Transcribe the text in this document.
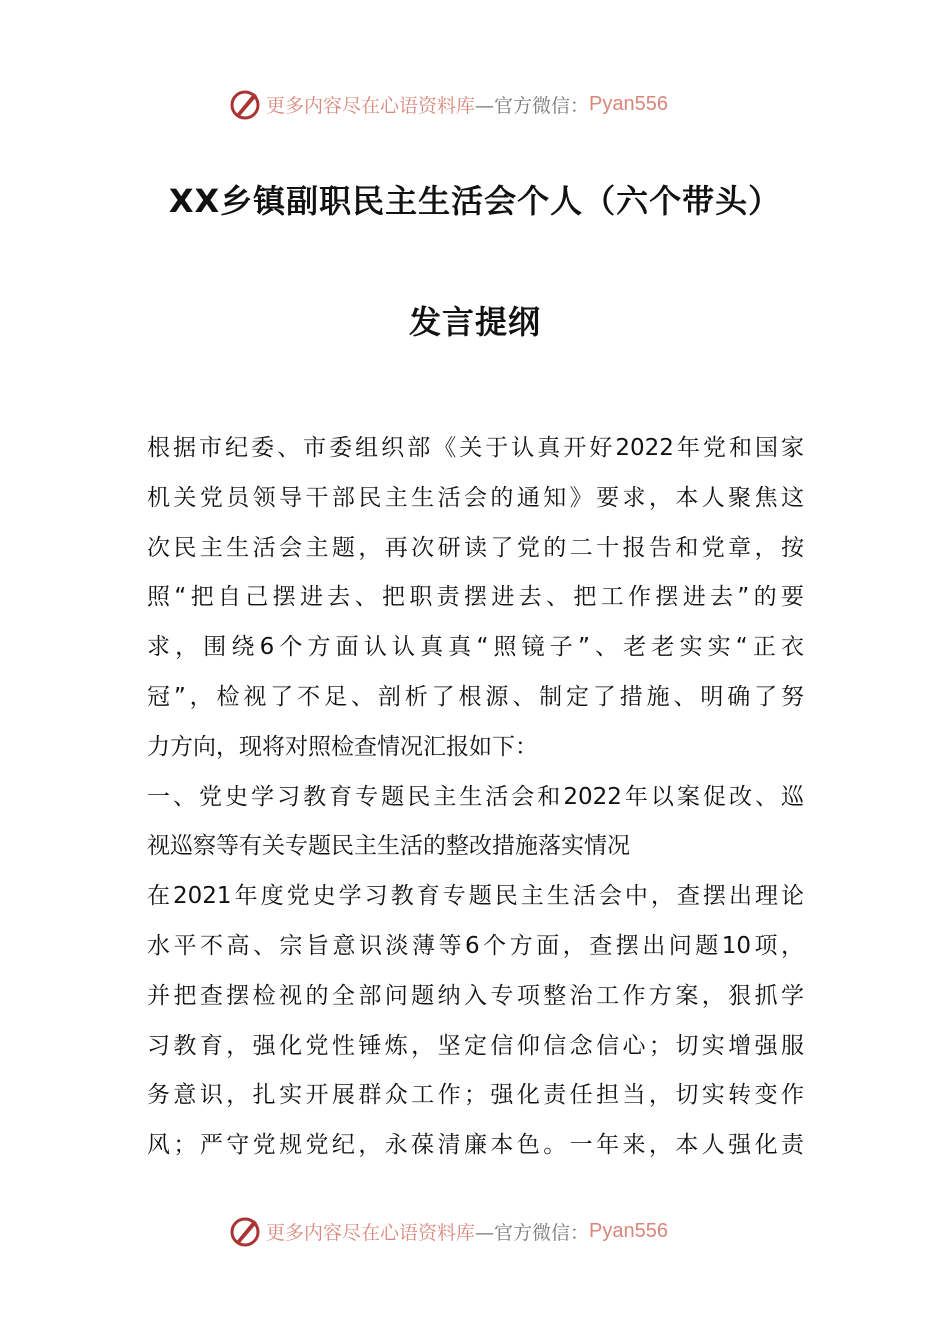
更多内容尽在心语资料库 —官方微信： Pyan556
XX乡镇副职民主生活会个人（六个带头）
发言提纲
根据市纪委、市委组织部《关于认真开好2022年党和国家
机关党员领导干部民主生活会的通知》要求，本人聚焦这
次民主生活会主题，再次研读了党的二十报告和党章，按
照“把自己摆进去、把职责摆进去、把工作摆进去”的要
求，围绕6个方面认认真真“照镜子”、老老实实“正衣
冠”，检视了不足、剖析了根源、制定了措施、明确了努
力方向，现将对照检查情况汇报如下：
一、党史学习教育专题民主生活会和2022年以案促改、巡
视巡察等有关专题民主生活的整改措施落实情况
在2021年度党史学习教育专题民主生活会中，查摆出理论
水平不高、宗旨意识淡薄等6个方面，查摆出问题10项，
并把查摆检视的全部问题纳入专项整治工作方案，狠抓学
习教育，强化党性锤炼，坚定信仰信念信心；切实增强服
务意识，扎实开展群众工作；强化责任担当，切实转变作
风；严守党规党纪，永葆清廉本色。一年来，本人强化责
更多内容尽在心语资料库 —官方微信： Pyan556
